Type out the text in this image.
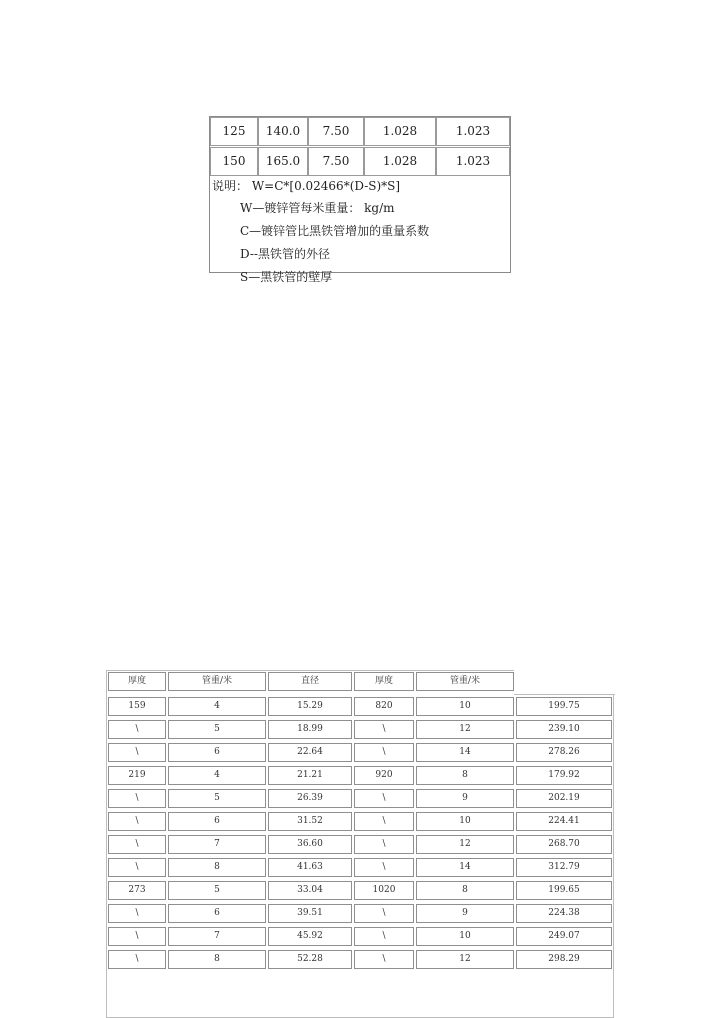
125	140.0	7.50	1.028	1.023
150	165.0	7.50	1.028	1.023
说明： W=C*[0.02466*(D-S)*S]
W—镀锌管每米重量： kg/m
C—镀锌管比黑铁管增加的重量系数
D--黑铁管的外径
S—黑铁管的壁厚
厚度	管重/米	直径	厚度	管重/米
159	4	15.29	820	10	199.75
\	5	18.99	\	12	239.10
\	6	22.64	\	14	278.26
219	4	21.21	920	8	179.92
\	5	26.39	\	9	202.19
\	6	31.52	\	10	224.41
\	7	36.60	\	12	268.70
\	8	41.63	\	14	312.79
273	5	33.04	1020	8	199.65
\	6	39.51	\	9	224.38
\	7	45.92	\	10	249.07
\	8	52.28	\	12	298.29
